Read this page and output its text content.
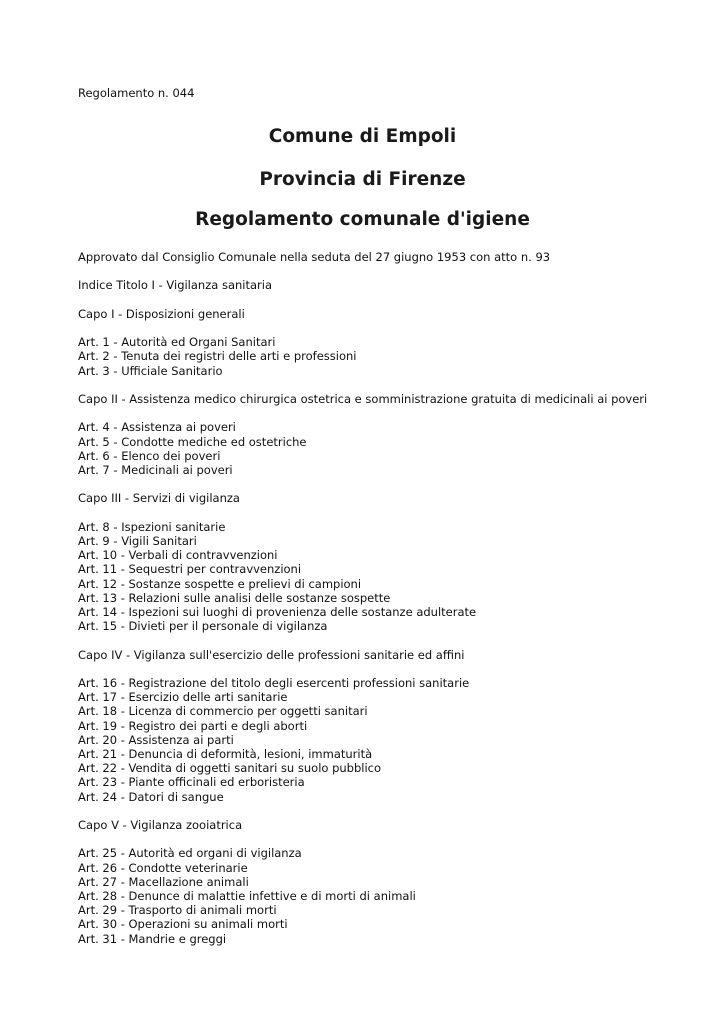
Regolamento n. 044
Comune di Empoli
Provincia di Firenze
Regolamento comunale d'igiene

Approvato dal Consiglio Comunale nella seduta del 27 giugno 1953 con atto n. 93

Indice Titolo I - Vigilanza sanitaria

Capo I - Disposizioni generali

Art. 1 - Autorità ed Organi Sanitari

Art. 2 - Tenuta dei registri delle arti e professioni

Art. 3 - Ufficiale Sanitario

Capo II - Assistenza medico chirurgica ostetrica e somministrazione gratuita di medicinali ai poveri

Art. 4 - Assistenza ai poveri

Art. 5 - Condotte mediche ed ostetriche

Art. 6 - Elenco dei poveri

Art. 7 - Medicinali ai poveri

Capo III - Servizi di vigilanza

Art. 8 - Ispezioni sanitarie

Art. 9 - Vigili Sanitari

Art. 10 - Verbali di contravvenzioni

Art. 11 - Sequestri per contravvenzioni

Art. 12 - Sostanze sospette e prelievi di campioni

Art. 13 - Relazioni sulle analisi delle sostanze sospette

Art. 14 - Ispezioni sui luoghi di provenienza delle sostanze adulterate

Art. 15 - Divieti per il personale di vigilanza

Capo IV - Vigilanza sull'esercizio delle professioni sanitarie ed affini

Art. 16 - Registrazione del titolo degli esercenti professioni sanitarie

Art. 17 - Esercizio delle arti sanitarie

Art. 18 - Licenza di commercio per oggetti sanitari

Art. 19 - Registro dei parti e degli aborti

Art. 20 - Assistenza ai parti

Art. 21 - Denuncia di deformità, lesioni, immaturità

Art. 22 - Vendita di oggetti sanitari su suolo pubblico

Art. 23 - Piante officinali ed erboristeria

Art. 24 - Datori di sangue

Capo V - Vigilanza zooiatrica

Art. 25 - Autorità ed organi di vigilanza

Art. 26 - Condotte veterinarie

Art. 27 - Macellazione animali

Art. 28 - Denunce di malattie infettive e di morti di animali

Art. 29 - Trasporto di animali morti

Art. 30 - Operazioni su animali morti

Art. 31 - Mandrie e greggi
